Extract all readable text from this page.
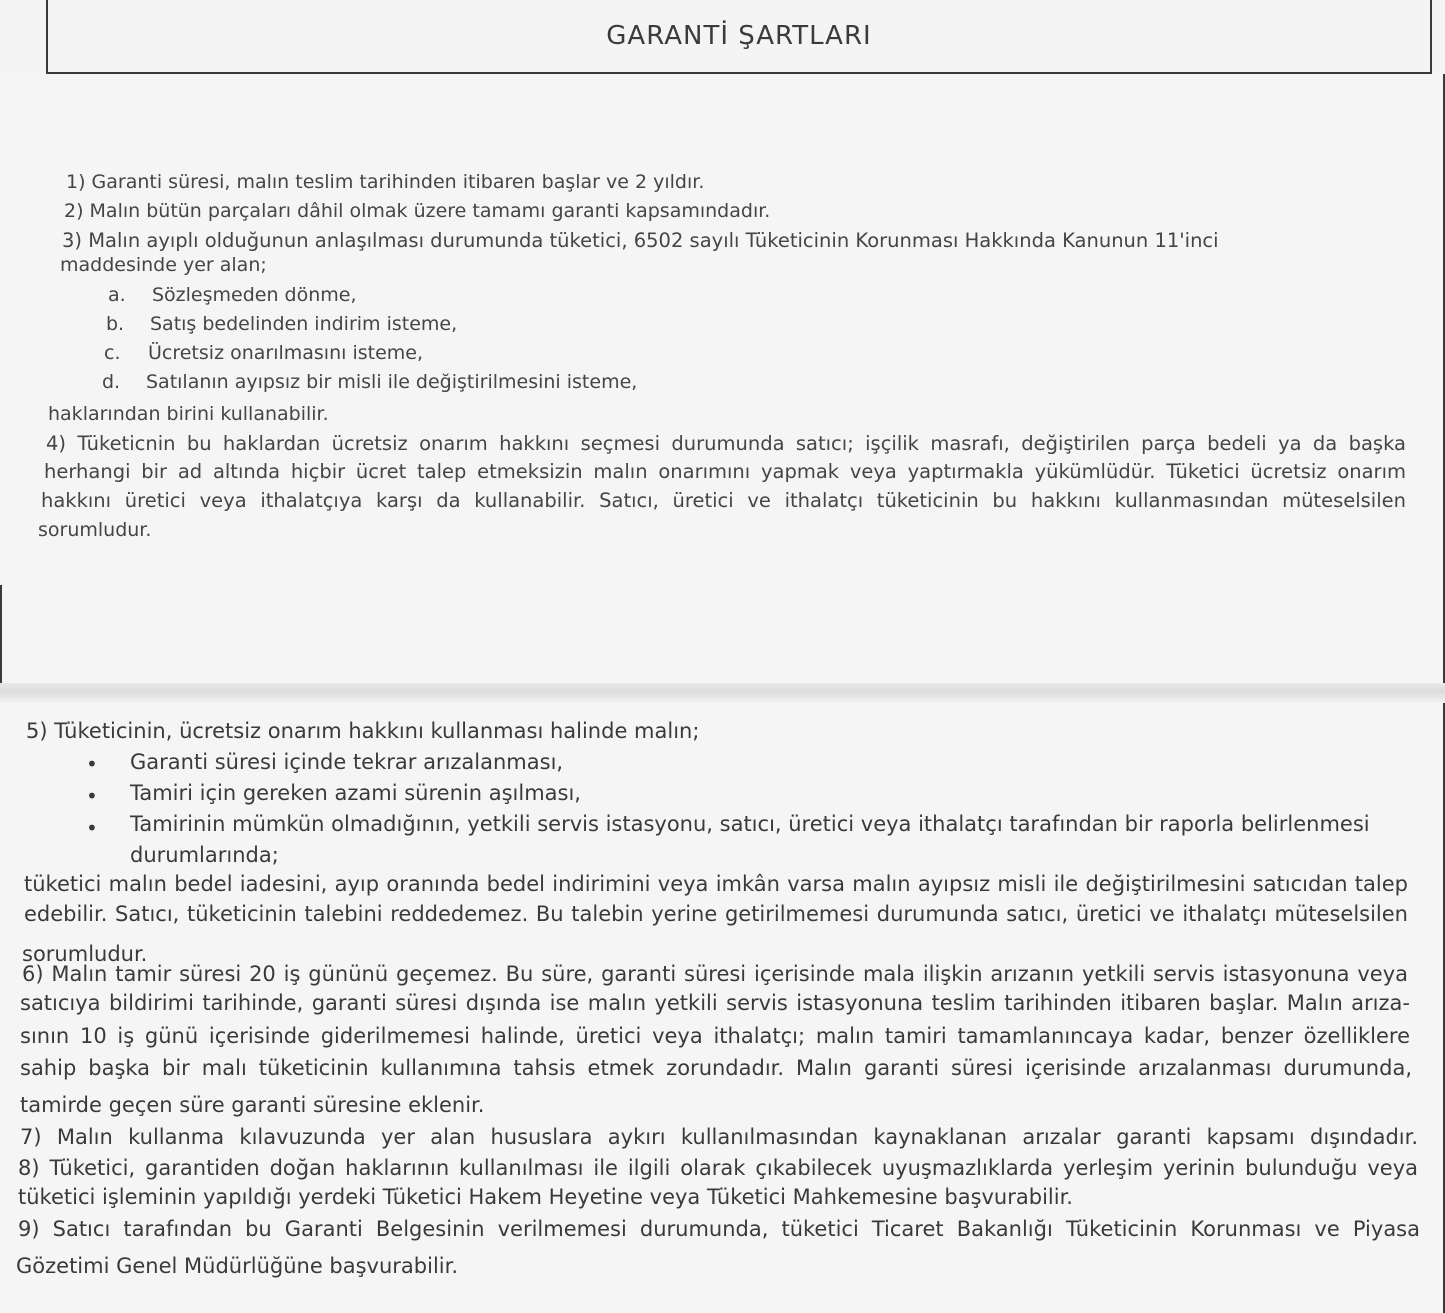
GARANTİ ŞARTLARI
1) Garanti süresi, malın teslim tarihinden itibaren başlar ve 2 yıldır.
2) Malın bütün parçaları dâhil olmak üzere tamamı garanti kapsamındadır.
3) Malın ayıplı olduğunun anlaşılması durumunda tüketici, 6502 sayılı Tüketicinin Korunması Hakkında Kanunun 11'inci
maddesinde yer alan;
a. Sözleşmeden dönme,
b. Satış bedelinden indirim isteme,
c. Ücretsiz onarılmasını isteme,
d. Satılanın ayıpsız bir misli ile değiştirilmesini isteme,
haklarından birini kullanabilir.
4) Tüketicnin bu haklardan ücretsiz onarım hakkını seçmesi durumunda satıcı; işçilik masrafı, değiştirilen parça bedeli ya da başka
herhangi bir ad altında hiçbir ücret talep etmeksizin malın onarımını yapmak veya yaptırmakla yükümlüdür. Tüketici ücretsiz onarım
hakkını üretici veya ithalatçıya karşı da kullanabilir. Satıcı, üretici ve ithalatçı tüketicinin bu hakkını kullanmasından müteselsilen
sorumludur.
5) Tüketicinin, ücretsiz onarım hakkını kullanması halinde malın;
• Garanti süresi içinde tekrar arızalanması,
• Tamiri için gereken azami sürenin aşılması,
• Tamirinin mümkün olmadığının, yetkili servis istasyonu, satıcı, üretici veya ithalatçı tarafından bir raporla belirlenmesi
durumlarında;
tüketici malın bedel iadesini, ayıp oranında bedel indirimini veya imkân varsa malın ayıpsız misli ile değiştirilmesini satıcıdan talep
edebilir. Satıcı, tüketicinin talebini reddedemez. Bu talebin yerine getirilmemesi durumunda satıcı, üretici ve ithalatçı müteselsilen
sorumludur.
6) Malın tamir süresi 20 iş gününü geçemez. Bu süre, garanti süresi içerisinde mala ilişkin arızanın yetkili servis istasyonuna veya
satıcıya bildirimi tarihinde, garanti süresi dışında ise malın yetkili servis istasyonuna teslim tarihinden itibaren başlar. Malın arıza-
sının 10 iş günü içerisinde giderilmemesi halinde, üretici veya ithalatçı; malın tamiri tamamlanıncaya kadar, benzer özelliklere
sahip başka bir malı tüketicinin kullanımına tahsis etmek zorundadır. Malın garanti süresi içerisinde arızalanması durumunda,
tamirde geçen süre garanti süresine eklenir.
7) Malın kullanma kılavuzunda yer alan hususlara aykırı kullanılmasından kaynaklanan arızalar garanti kapsamı dışındadır.
8) Tüketici, garantiden doğan haklarının kullanılması ile ilgili olarak çıkabilecek uyuşmazlıklarda yerleşim yerinin bulunduğu veya
tüketici işleminin yapıldığı yerdeki Tüketici Hakem Heyetine veya Tüketici Mahkemesine başvurabilir.
9) Satıcı tarafından bu Garanti Belgesinin verilmemesi durumunda, tüketici Ticaret Bakanlığı Tüketicinin Korunması ve Piyasa
Gözetimi Genel Müdürlüğüne başvurabilir.
